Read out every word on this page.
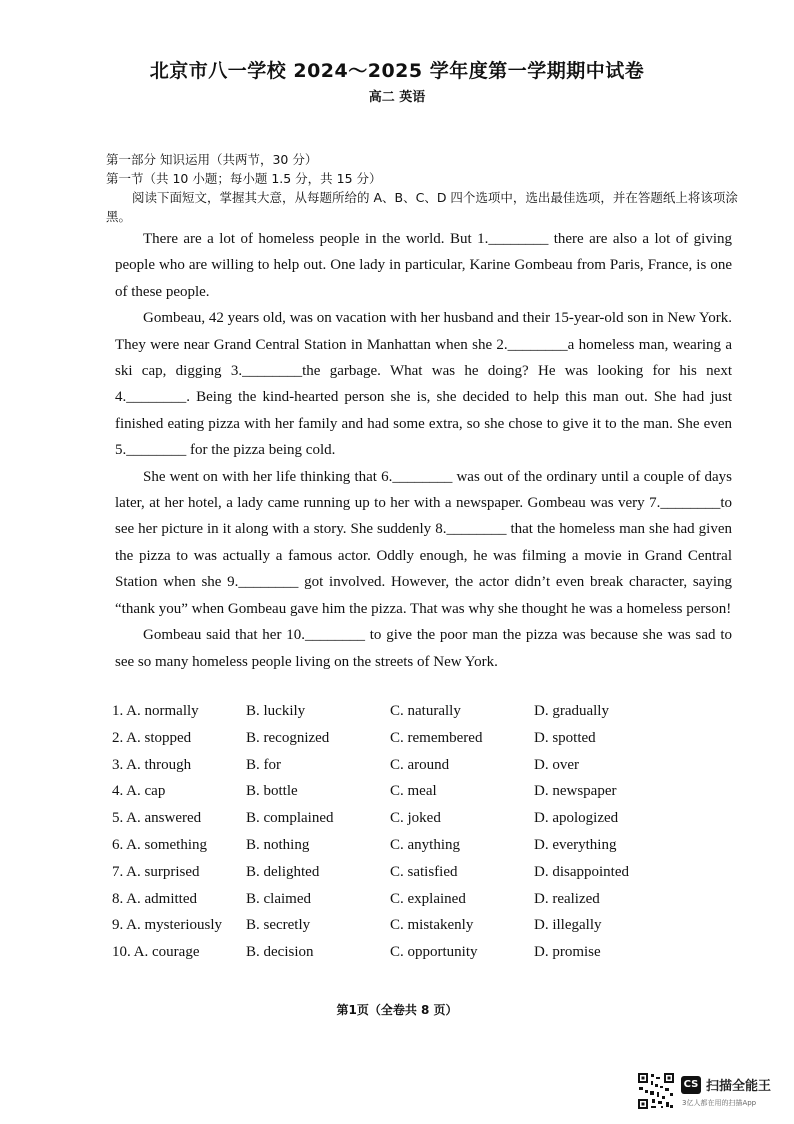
北京市八一学校 2024～2025 学年度第一学期期中试卷
高二 英语
第一部分 知识运用（共两节，30 分）
第一节（共 10 小题；每小题 1.5 分，共 15 分）
阅读下面短文，掌握其大意，从每题所给的 A、B、C、D 四个选项中，选出最佳选项，并在答题纸上将该项涂黑。

There are a lot of homeless people in the world. But 1.________ there are also a lot of giving people who are willing to help out. One lady in particular, Karine Gombeau from Paris, France, is one of these people.

Gombeau, 42 years old, was on vacation with her husband and their 15-year-old son in New York. They were near Grand Central Station in Manhattan when she 2.________a homeless man, wearing a ski cap, digging 3.________the garbage. What was he doing? He was looking for his next 4.________. Being the kind-hearted person she is, she decided to help this man out. She had just finished eating pizza with her family and had some extra, so she chose to give it to the man. She even 5.________ for the pizza being cold.

She went on with her life thinking that 6.________ was out of the ordinary until a couple of days later, at her hotel, a lady came running up to her with a newspaper. Gombeau was very 7.________to see her picture in it along with a story. She suddenly 8.________ that the homeless man she had given the pizza to was actually a famous actor. Oddly enough, he was filming a movie in Grand Central Station when she 9.________ got involved. However, the actor didn’t even break character, saying “thank you” when Gombeau gave him the pizza. That was why she thought he was a homeless person!

Gombeau said that her 10.________ to give the poor man the pizza was because she was sad to see so many homeless people living on the streets of New York.

1. A. normally	B. luckily	C. naturally	D. gradually
2. A. stopped	B. recognized	C. remembered	D. spotted
3. A. through	B. for	C. around	D. over
4. A. cap	B. bottle	C. meal	D. newspaper
5. A. answered	B. complained	C. joked	D. apologized
6. A. something	B. nothing	C. anything	D. everything
7. A. surprised	B. delighted	C. satisfied	D. disappointed
8. A. admitted	B. claimed	C. explained	D. realized
9. A. mysteriously B. secretly	C. mistakenly	D. illegally
10. A. courage	B. decision	C. opportunity	D. promise
第1页（全卷共 8 页）
CS 扫描全能王
3亿人都在用的扫描App
